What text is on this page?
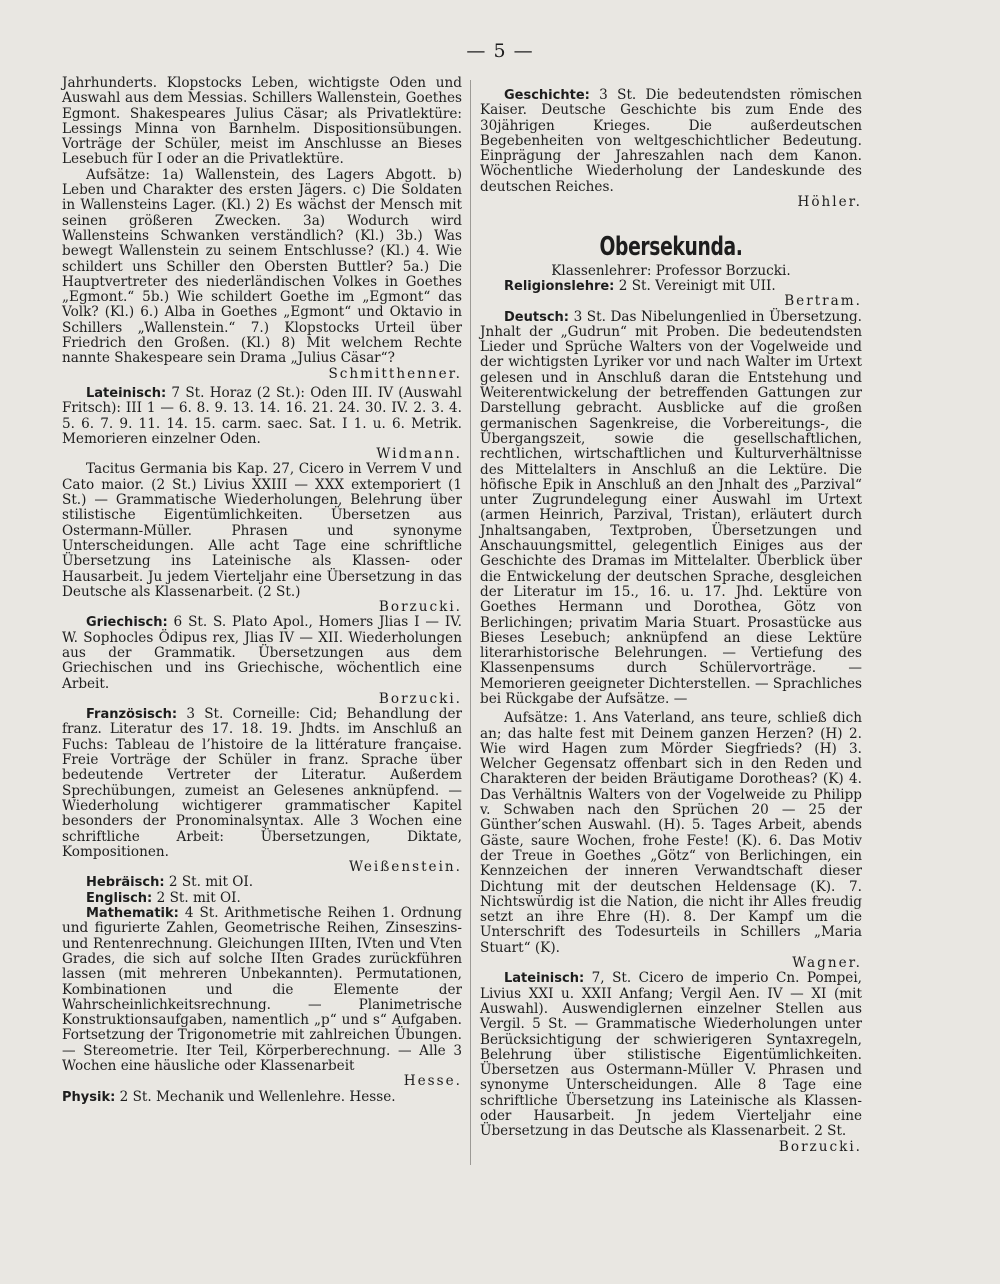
— 5 —

Jahrhunderts. Klopstocks Leben, wichtigste Oden und Auswahl aus dem Messias. Schillers Wallenstein, Goethes Egmont. Shakespeares Julius Cäsar; als Privatlektüre: Lessings Minna von Barnhelm. Dispositionsübungen. Vorträge der Schüler, meist im Anschlusse an Bieses Lesebuch für I oder an die Privatlektüre.

Aufsätze: 1a) Wallenstein, des Lagers Abgott. b) Leben und Charakter des ersten Jägers. c) Die Soldaten in Wallensteins Lager. (Kl.) 2) Es wächst der Mensch mit seinen größeren Zwecken. 3a) Wodurch wird Wallensteins Schwanken verständlich? (Kl.) 3b.) Was bewegt Wallenstein zu seinem Entschlusse? (Kl.) 4. Wie schildert uns Schiller den Obersten Buttler? 5a.) Die Hauptvertreter des niederländischen Volkes in Goethes „Egmont.“ 5b.) Wie schildert Goethe im „Egmont“ das Volk? (Kl.) 6.) Alba in Goethes „Egmont“ und Oktavio in Schillers „Wallenstein.“ 7.) Klopstocks Urteil über Friedrich den Großen. (Kl.) 8) Mit welchem Rechte nannte Shakespeare sein Drama „Julius Cäsar“?

Schmitthenner.

Lateinisch: 7 St. Horaz (2 St.): Oden III. IV (Auswahl Fritsch): III 1 — 6. 8. 9. 13. 14. 16. 21. 24. 30. IV. 2. 3. 4. 5. 6. 7. 9. 11. 14. 15. carm. saec. Sat. I 1. u. 6. Metrik. Memorieren einzelner Oden.

Widmann.

Tacitus Germania bis Kap. 27, Cicero in Verrem V und Cato maior. (2 St.) Livius XXIII — XXX extemporiert (1 St.) — Grammatische Wiederholungen, Belehrung über stilistische Eigentümlichkeiten. Übersetzen aus Ostermann-Müller. Phrasen und synonyme Unterscheidungen. Alle acht Tage eine schriftliche Übersetzung ins Lateinische als Klassen- oder Hausarbeit. Ju jedem Vierteljahr eine Übersetzung in das Deutsche als Klassenarbeit. (2 St.)

Borzucki.

Griechisch: 6 St. S. Plato Apol., Homers Jlias I — IV. W. Sophocles Ödipus rex, Jlias IV — XII. Wiederholungen aus der Grammatik. Übersetzungen aus dem Griechischen und ins Griechische, wöchentlich eine Arbeit.

Borzucki.

Französisch: 3 St. Corneille: Cid; Behandlung der franz. Literatur des 17. 18. 19. Jhdts. im Anschluß an Fuchs: Tableau de l’histoire de la littérature française. Freie Vorträge der Schüler in franz. Sprache über bedeutende Vertreter der Literatur. Außerdem Sprechübungen, zumeist an Gelesenes anknüpfend. — Wiederholung wichtigerer grammatischer Kapitel besonders der Pronominalsyntax. Alle 3 Wochen eine schriftliche Arbeit: Übersetzungen, Diktate, Kompositionen.

Weißenstein.

Hebräisch: 2 St. mit OI.

Englisch: 2 St. mit OI.

Mathematik: 4 St. Arithmetische Reihen 1. Ordnung und figurierte Zahlen, Geometrische Reihen, Zinseszins- und Rentenrechnung. Gleichungen IIIten, IVten und Vten Grades, die sich auf solche IIten Grades zurückführen lassen (mit mehreren Unbekannten). Permutationen, Kombinationen und die Elemente der Wahrscheinlichkeitsrechnung. — Planimetrische Konstruktionsaufgaben, namentlich „p“ und s“ Aufgaben. Fortsetzung der Trigonometrie mit zahlreichen Übungen. — Stereometrie. Iter Teil, Körperberechnung. — Alle 3 Wochen eine häusliche oder Klassenarbeit

Hesse.

Physik: 2 St. Mechanik und Wellenlehre. Hesse.

Geschichte: 3 St. Die bedeutendsten römischen Kaiser. Deutsche Geschichte bis zum Ende des 30jährigen Krieges. Die außerdeutschen Begebenheiten von weltgeschichtlicher Bedeutung. Einprägung der Jahreszahlen nach dem Kanon. Wöchentliche Wiederholung der Landeskunde des deutschen Reiches.

Höhler.

Obersekunda.

Klassenlehrer: Professor Borzucki.

Religionslehre: 2 St. Vereinigt mit UII.

Bertram.

Deutsch: 3 St. Das Nibelungenlied in Übersetzung. Jnhalt der „Gudrun“ mit Proben. Die bedeutendsten Lieder und Sprüche Walters von der Vogelweide und der wichtigsten Lyriker vor und nach Walter im Urtext gelesen und in Anschluß daran die Entstehung und Weiterentwickelung der betreffenden Gattungen zur Darstellung gebracht. Ausblicke auf die großen germanischen Sagenkreise, die Vorbereitungs-, die Übergangszeit, sowie die gesellschaftlichen, rechtlichen, wirtschaftlichen und Kulturverhältnisse des Mittelalters in Anschluß an die Lektüre. Die höfische Epik in Anschluß an den Jnhalt des „Parzival“ unter Zugrundelegung einer Auswahl im Urtext (armen Heinrich, Parzival, Tristan), erläutert durch Jnhaltsangaben, Textproben, Übersetzungen und Anschauungsmittel, gelegentlich Einiges aus der Geschichte des Dramas im Mittelalter. Überblick über die Entwickelung der deutschen Sprache, desgleichen der Literatur im 15., 16. u. 17. Jhd. Lektüre von Goethes Hermann und Dorothea, Götz von Berlichingen; privatim Maria Stuart. Prosastücke aus Bieses Lesebuch; anknüpfend an diese Lektüre literarhistorische Belehrungen. — Vertiefung des Klassenpensums durch Schülervorträge. — Memorieren geeigneter Dichterstellen. — Sprachliches bei Rückgabe der Aufsätze. —

Aufsätze: 1. Ans Vaterland, ans teure, schließ dich an; das halte fest mit Deinem ganzen Herzen? (H) 2. Wie wird Hagen zum Mörder Siegfrieds? (H) 3. Welcher Gegensatz offenbart sich in den Reden und Charakteren der beiden Bräutigame Dorotheas? (K) 4. Das Verhältnis Walters von der Vogelweide zu Philipp v. Schwaben nach den Sprüchen 20 — 25 der Günther’schen Auswahl. (H). 5. Tages Arbeit, abends Gäste, saure Wochen, frohe Feste! (K). 6. Das Motiv der Treue in Goethes „Götz“ von Berlichingen, ein Kennzeichen der inneren Verwandtschaft dieser Dichtung mit der deutschen Heldensage (K). 7. Nichtswürdig ist die Nation, die nicht ihr Alles freudig setzt an ihre Ehre (H). 8. Der Kampf um die Unterschrift des Todesurteils in Schillers „Maria Stuart“ (K).

Wagner.

Lateinisch: 7, St. Cicero de imperio Cn. Pompei, Livius XXI u. XXII Anfang; Vergil Aen. IV — XI (mit Auswahl). Auswendiglernen einzelner Stellen aus Vergil. 5 St. — Grammatische Wiederholungen unter Berücksichtigung der schwierigeren Syntaxregeln, Belehrung über stilistische Eigentümlichkeiten. Übersetzen aus Ostermann-Müller V. Phrasen und synonyme Unterscheidungen. Alle 8 Tage eine schriftliche Übersetzung ins Lateinische als Klassen- oder Hausarbeit. Jn jedem Vierteljahr eine Übersetzung in das Deutsche als Klassenarbeit. 2 St.

Borzucki.
